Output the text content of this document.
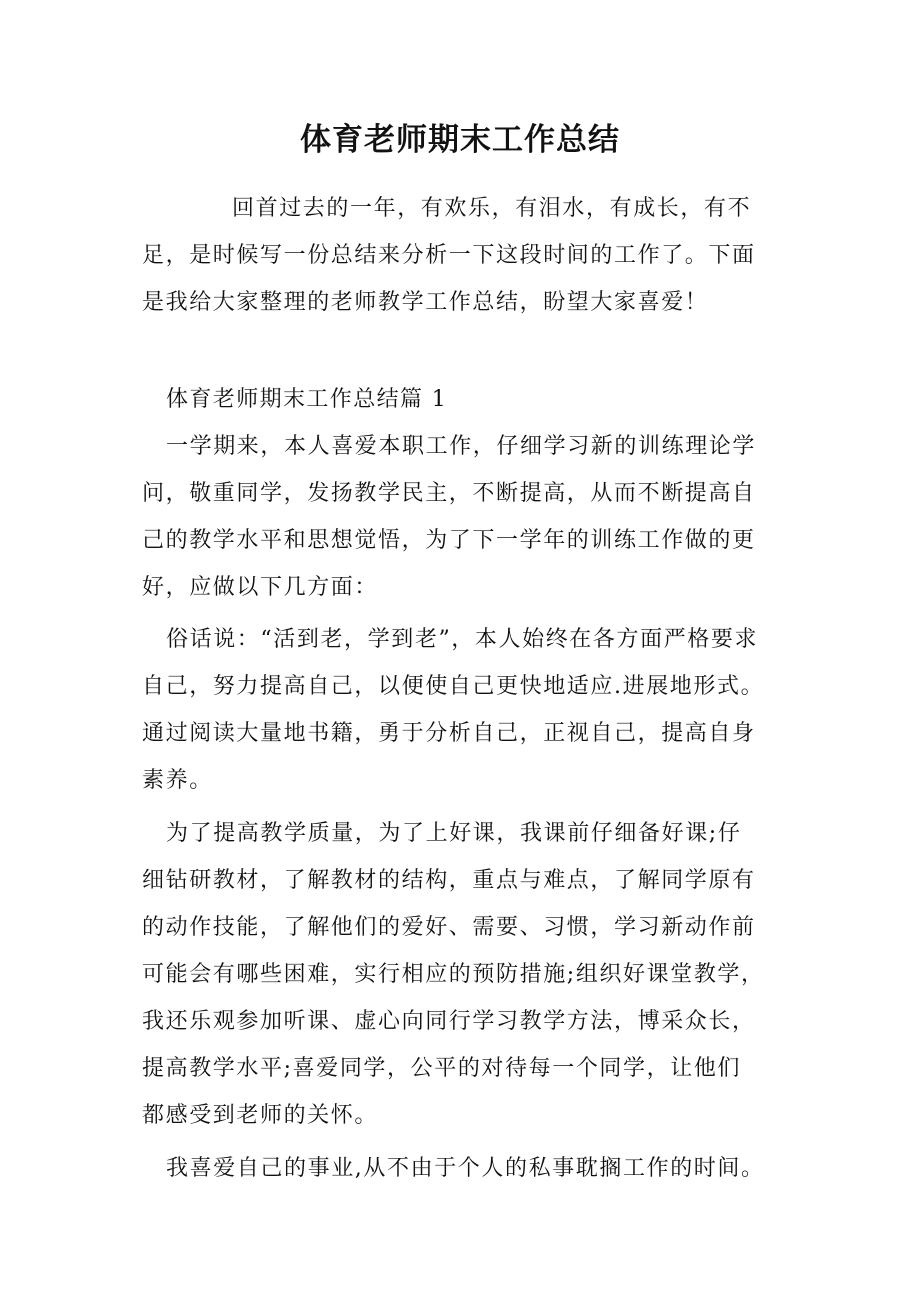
体育老师期末工作总结
回首过去的一年，有欢乐，有泪水，有成长，有不
足，是时候写一份总结来分析一下这段时间的工作了。下面
是我给大家整理的老师教学工作总结，盼望大家喜爱！
体育老师期末工作总结篇 1
一学期来，本人喜爱本职工作，仔细学习新的训练理论学
问，敬重同学，发扬教学民主，不断提高，从而不断提高自
己的教学水平和思想觉悟，为了下一学年的训练工作做的更
好，应做以下几方面：
俗话说：“活到老，学到老”，本人始终在各方面严格要求
自己，努力提高自己，以便使自己更快地适应.进展地形式。
通过阅读大量地书籍，勇于分析自己，正视自己，提高自身
素养。
为了提高教学质量，为了上好课，我课前仔细备好课;仔
细钻研教材，了解教材的结构，重点与难点，了解同学原有
的动作技能，了解他们的爱好、需要、习惯，学习新动作前
可能会有哪些困难，实行相应的预防措施;组织好课堂教学，
我还乐观参加听课、虚心向同行学习教学方法，博采众长，
提高教学水平;喜爱同学，公平的对待每一个同学，让他们
都感受到老师的关怀。
我喜爱自己的事业,从不由于个人的私事耽搁工作的时间。
